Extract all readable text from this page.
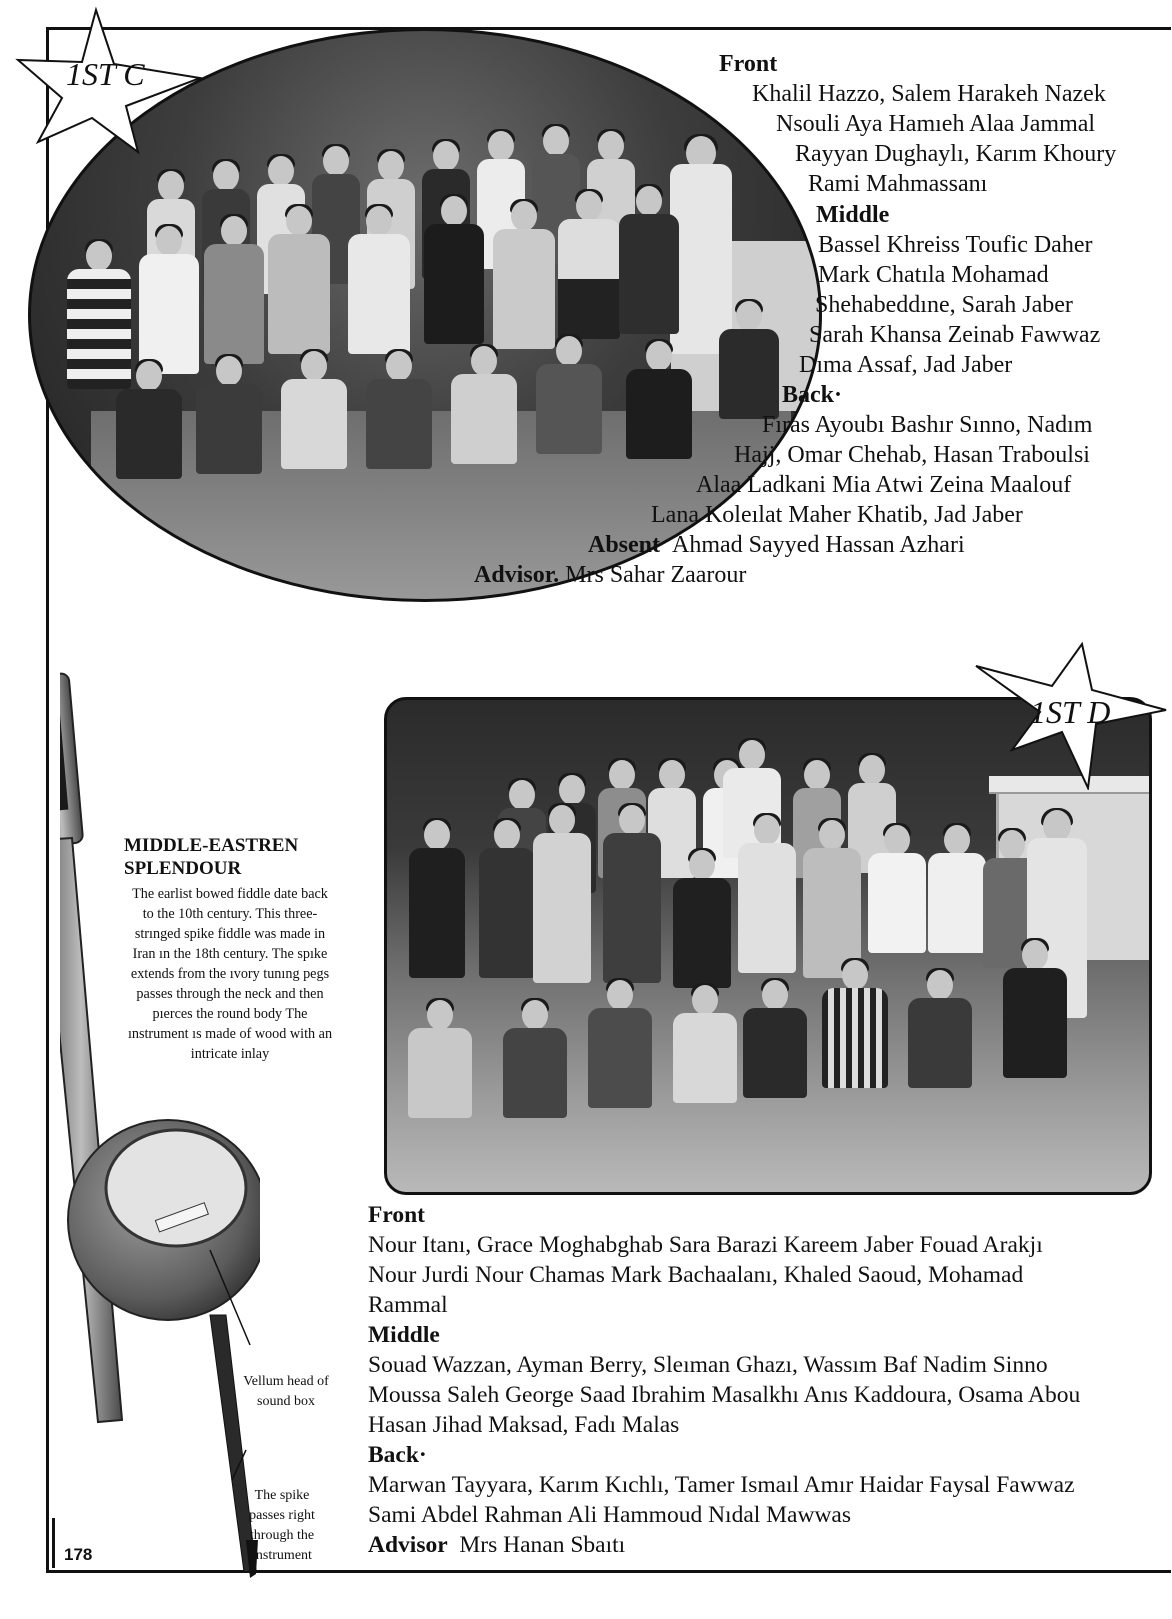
1ST C	Front
Khalil Hazzo, Salem Harakeh Nazek
Nsouli Aya Hamıeh Alaa Jammal
Rayyan Dughaylı, Karım Khoury
Rami Mahmassanı
Middle
Bassel Khreiss Toufic Daher
Mark Chatıla Mohamad
Shehabeddıne, Sarah Jaber
Sarah Khansa Zeinab Fawwaz
Dıma Assaf, Jad Jaber
Back·
Fıras Ayoubı Bashır Sınno, Nadım
Hajj, Omar Chehab, Hasan Traboulsi
Alaa Ladkani Mia Atwi Zeina Maalouf
Lana Koleılat Maher Khatib, Jad Jaber
Absent Ahmad Sayyed Hassan Azhari
Advisor. Mrs Sahar Zaarour
1ST D
Front
Nour Itanı, Grace Moghabghab Sara Barazi Kareem Jaber Fouad Arakjı
Nour Jurdi Nour Chamas Mark Bachaalanı, Khaled Saoud, Mohamad
Rammal
Middle
Souad Wazzan, Ayman Berry, Sleıman Ghazı, Wassım Baf Nadim Sinno
Moussa Saleh George Saad Ibrahim Masalkhı Anıs Kaddoura, Osama Abou
Hasan Jihad Maksad, Fadı Malas
Back·
Marwan Tayyara, Karım Kıchlı, Tamer Ismaıl Amır Haidar Faysal Fawwaz
Sami Abdel Rahman Ali Hammoud Nıdal Mawwas
Advisor Mrs Hanan Sbaıtı
MIDDLE-EASTREN
SPLENDOUR
The earlist bowed fiddle date back to the 10th century. This three-strınged spike fiddle was made in Iran ın the 18th century. The spıke extends from the ıvory tunıng pegs passes through the neck and then pıerces the round body The ınstrument ıs made of wood with an intricate inlay
Vellum head of
sound box
The spike
passes right
through the
instrument
178
